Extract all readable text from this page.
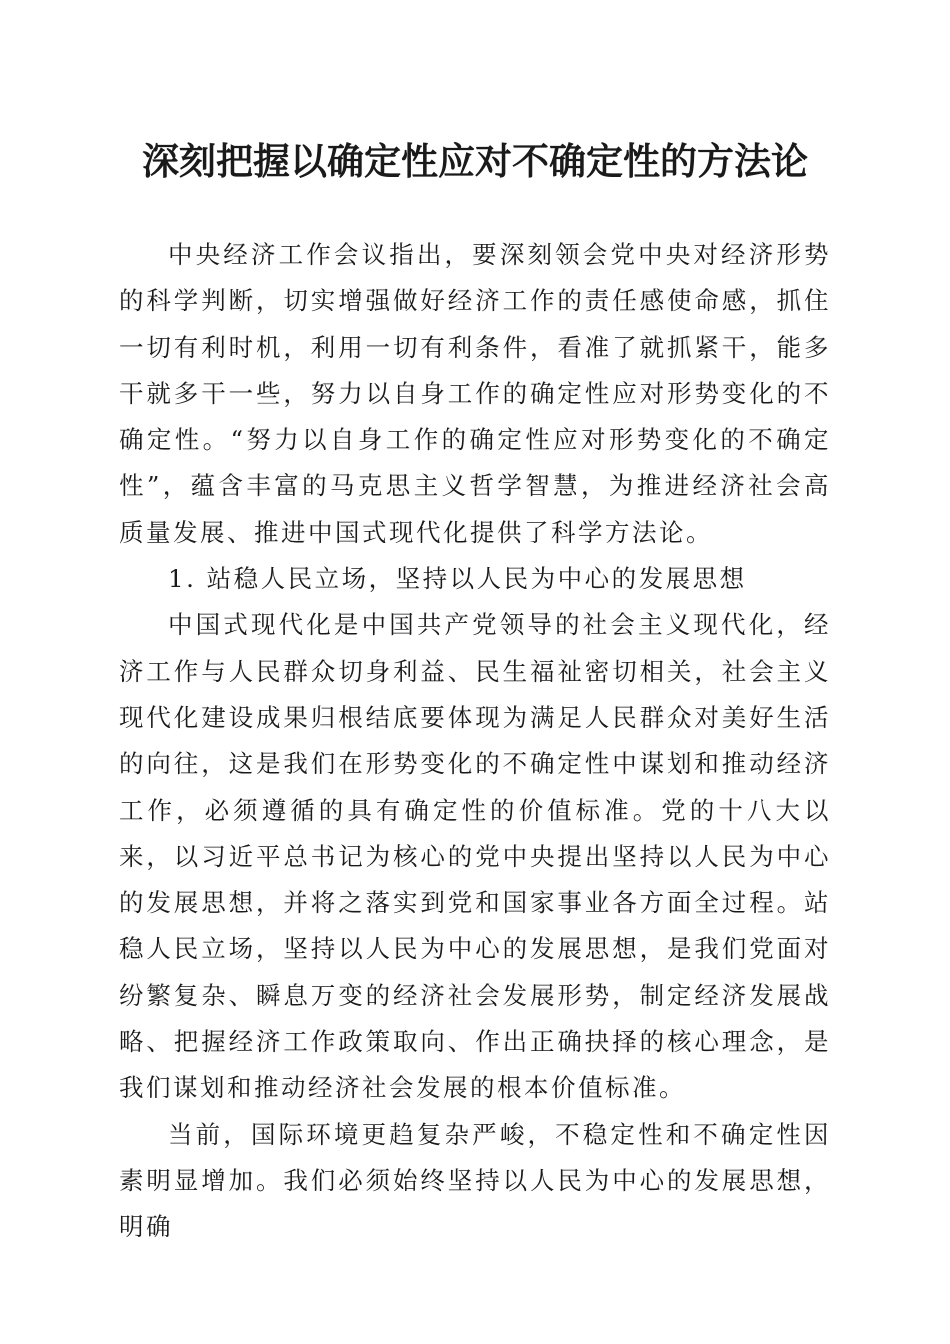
深刻把握以确定性应对不确定性的方法论

中央经济工作会议指出，要深刻领会党中央对经济形势的科学判断，切实增强做好经济工作的责任感使命感，抓住一切有利时机，利用一切有利条件，看准了就抓紧干，能多干就多干一些，努力以自身工作的确定性应对形势变化的不确定性。“努力以自身工作的确定性应对形势变化的不确定性”，蕴含丰富的马克思主义哲学智慧，为推进经济社会高质量发展、推进中国式现代化提供了科学方法论。

1. 站稳人民立场，坚持以人民为中心的发展思想

中国式现代化是中国共产党领导的社会主义现代化，经济工作与人民群众切身利益、民生福祉密切相关，社会主义现代化建设成果归根结底要体现为满足人民群众对美好生活的向往，这是我们在形势变化的不确定性中谋划和推动经济工作，必须遵循的具有确定性的价值标准。党的十八大以来，以习近平总书记为核心的党中央提出坚持以人民为中心的发展思想，并将之落实到党和国家事业各方面全过程。站稳人民立场，坚持以人民为中心的发展思想，是我们党面对纷繁复杂、瞬息万变的经济社会发展形势，制定经济发展战略、把握经济工作政策取向、作出正确抉择的核心理念，是我们谋划和推动经济社会发展的根本价值标准。

当前，国际环境更趋复杂严峻，不稳定性和不确定性因素明显增加。我们必须始终坚持以人民为中心的发展思想，明确
